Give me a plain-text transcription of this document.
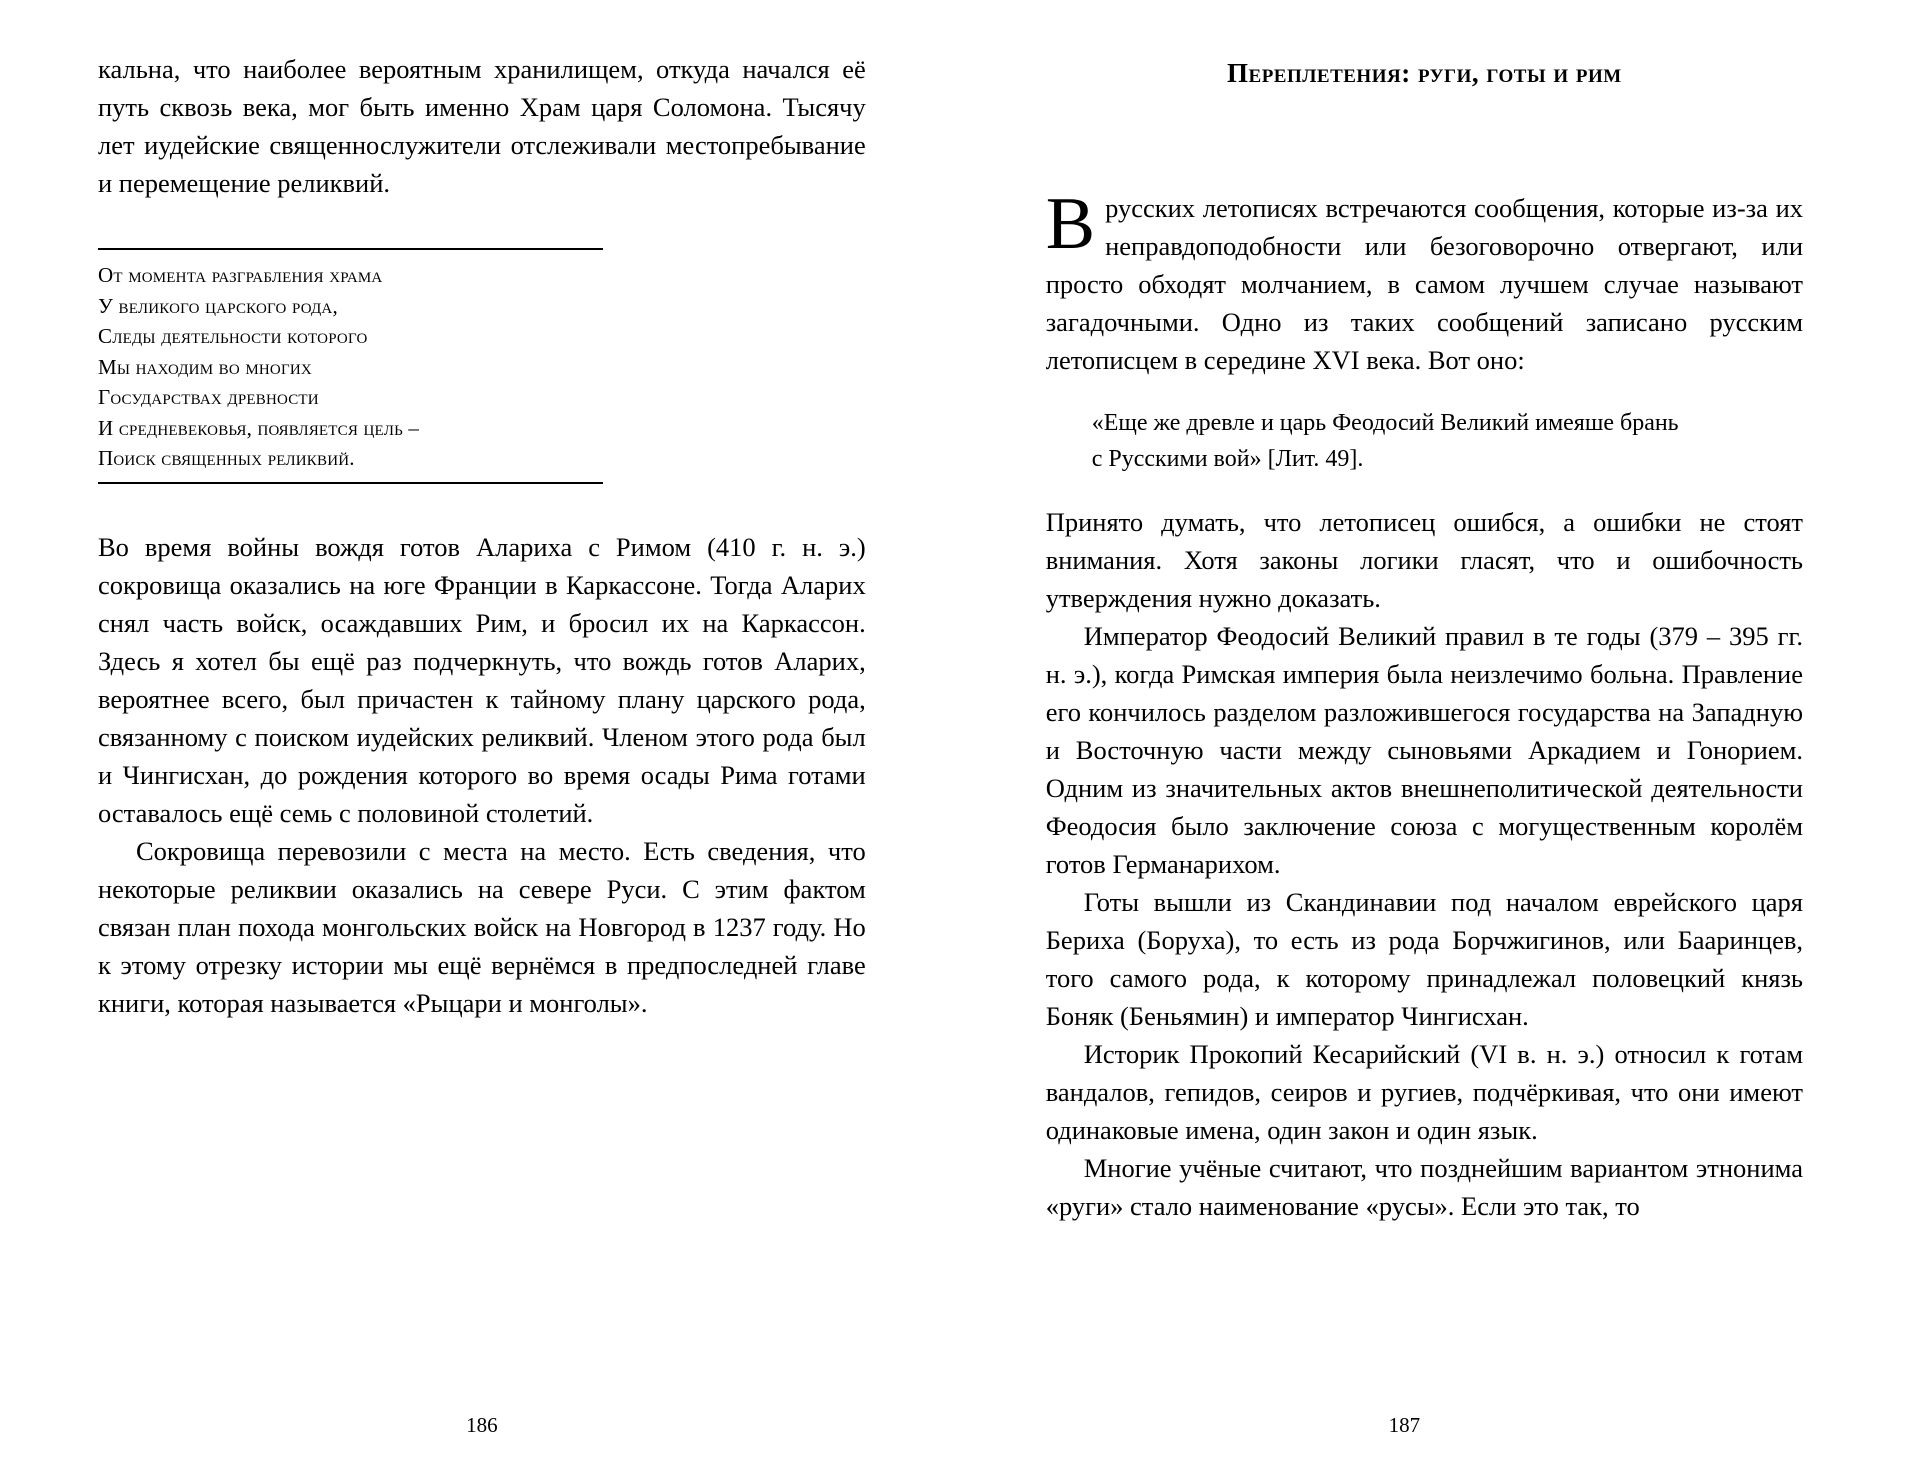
кальна, что наиболее вероятным хранилищем, откуда начался её путь сквозь века, мог быть именно Храм царя Соломона. Тысячу лет иудейские священнослужители отслеживали местопребывание и перемещение реликвий.

От момента разграбления храма
У великого царского рода,
Следы деятельности которого
Мы находим во многих
Государствах древности
И средневековья, появляется цель –
Поиск священных реликвий.

Во время войны вождя готов Алариха с Римом (410 г. н. э.) сокровища оказались на юге Франции в Каркассоне. Тогда Аларих снял часть войск, осаждавших Рим, и бросил их на Каркассон. Здесь я хотел бы ещё раз подчеркнуть, что вождь готов Аларих, вероятнее всего, был причастен к тайному плану царского рода, связанному с поиском иудейских реликвий. Членом этого рода был и Чингисхан, до рождения которого во время осады Рима готами оставалось ещё семь с половиной столетий.

Сокровища перевозили с места на место. Есть сведения, что некоторые реликвии оказались на севере Руси. С этим фактом связан план похода монгольских войск на Новгород в 1237 году. Но к этому отрезку истории мы ещё вернёмся в предпоследней главе книги, которая называется «Рыцари и монголы».

186
Переплетения: руги, готы и рим

Врусских летописях встречаются сообщения, которые из-за их неправдоподобности или безоговорочно отвергают, или просто обходят молчанием, в самом лучшем случае называют загадочными. Одно из таких сообщений записано русским летописцем в середине XVI века. Вот оно:

«Еще же древле и царь Феодосий Великий имеяше брань
с Русскими вой» [Лит. 49].

Принято думать, что летописец ошибся, а ошибки не стоят внимания. Хотя законы логики гласят, что и ошибочность утверждения нужно доказать.

Император Феодосий Великий правил в те годы (379 – 395 гг. н. э.), когда Римская империя была неизлечимо больна. Правление его кончилось разделом разложившегося государства на Западную и Восточную части между сыновьями Аркадием и Гонорием. Одним из значительных актов внешнеполитической деятельности Феодосия было заключение союза с могущественным королём готов Германарихом.

Готы вышли из Скандинавии под началом еврейского царя Бериха (Боруха), то есть из рода Борчжигинов, или Бааринцев, того самого рода, к которому принадлежал половецкий князь Боняк (Беньямин) и император Чингисхан.

Историк Прокопий Кесарийский (VI в. н. э.) относил к готам вандалов, гепидов, сеиров и ругиев, подчёркивая, что они имеют одинаковые имена, один закон и один язык.

Многие учёные считают, что позднейшим вариантом этнонима «руги» стало наименование «русы». Если это так, то

187
